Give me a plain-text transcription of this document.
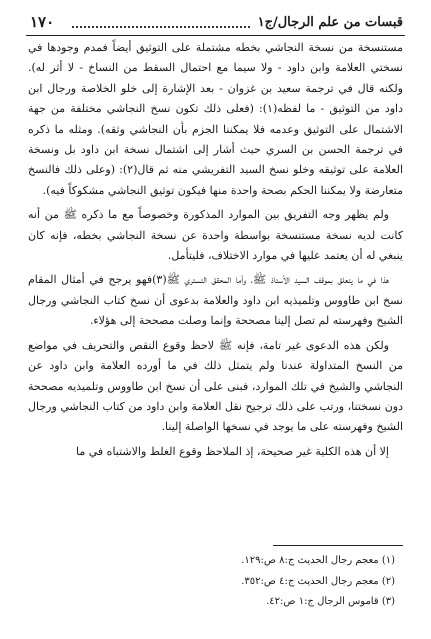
١٧٠	قبسات من علم الرجال/ج١

مستنسخة من نسخة النجاشي بخطه مشتملة على التوثيق أيضاً فمدم وجودها في نسختي العلامة وابن داود - ولا سيما مع احتمال السقط من النساخ - لا أثر له). ولكنه قال في ترجمة سعيد بن غزوان - بعد الإشارة إلى خلو الخلاصة ورجال ابن داود من التوثيق - ما لفظه(١): (فعلى ذلك تكون نسخ النجاشي مختلفة من جهة الاشتمال على التوثيق وعدمه فلا يمكننا الجزم بأن النجاشي وثقه). ومثله ما ذكره في ترجمة الحسن بن السري حيث أشار إلى اشتمال نسخة ابن داود بل ونسخة العلامة على توثيقه وخلو نسخ السيد التفريشي منه ثم قال(٢): (وعلى ذلك فالنسخ متعارضة ولا يمكننا الحكم بصحة واحدة منها فيكون توثيق النجاشي مشكوكاً فيه).

ولم يظهر وجه التفريق بين الموارد المذكورة وخصوصاً مع ما ذكره ﷺ من أنه كانت لديه نسخة مستنسخة بواسطة واحدة عن نسخة النجاشي بخطه، فإنه كان ينبغي له أن يعتمد عليها في موارد الاختلاف، فليتأمل.

هذا في ما يتعلق بموقف السيد الأستاذ ﷺ، وأما المحقق التستري ﷺ(٣)فهو يرجح في أمثال المقام نسخ ابن طاووس وتلميذيه ابن داود والعلامة بدعوى أن نسخ كتاب النجاشي ورجال الشيخ وفهرسته لم تصل إلينا مصححة وإنما وصلت مصححة إلى هؤلاء.

ولكن هذه الدعوى غير تامة، فإنه ﷺ لاحظ وقوع النقص والتحريف في مواضع من النسخ المتداولة عندنا ولم يتمثل ذلك في ما أورده العلامة وابن داود عن النجاشي والشيخ في تلك الموارد، فبنى على أن نسخ ابن طاووس وتلميذيه مصححة دون نسختنا، ورتب على ذلك ترجيح نقل العلامة وابن داود من كتاب النجاشي ورجال الشيخ وفهرسته على ما يوجد في نسخها الواصلة إلينا.

إلا أن هذه الكلية غير صحيحة، إذ الملاحظ وقوع الغلط والاشتباه في ما

(١) معجم رجال الحديث ج:٨ ص:١٢٩.
(٢) معجم رجال الحديث ج:٤ ص:٣٥٢.
(٣) قاموس الرجال ج:١ ص:٤٢.
